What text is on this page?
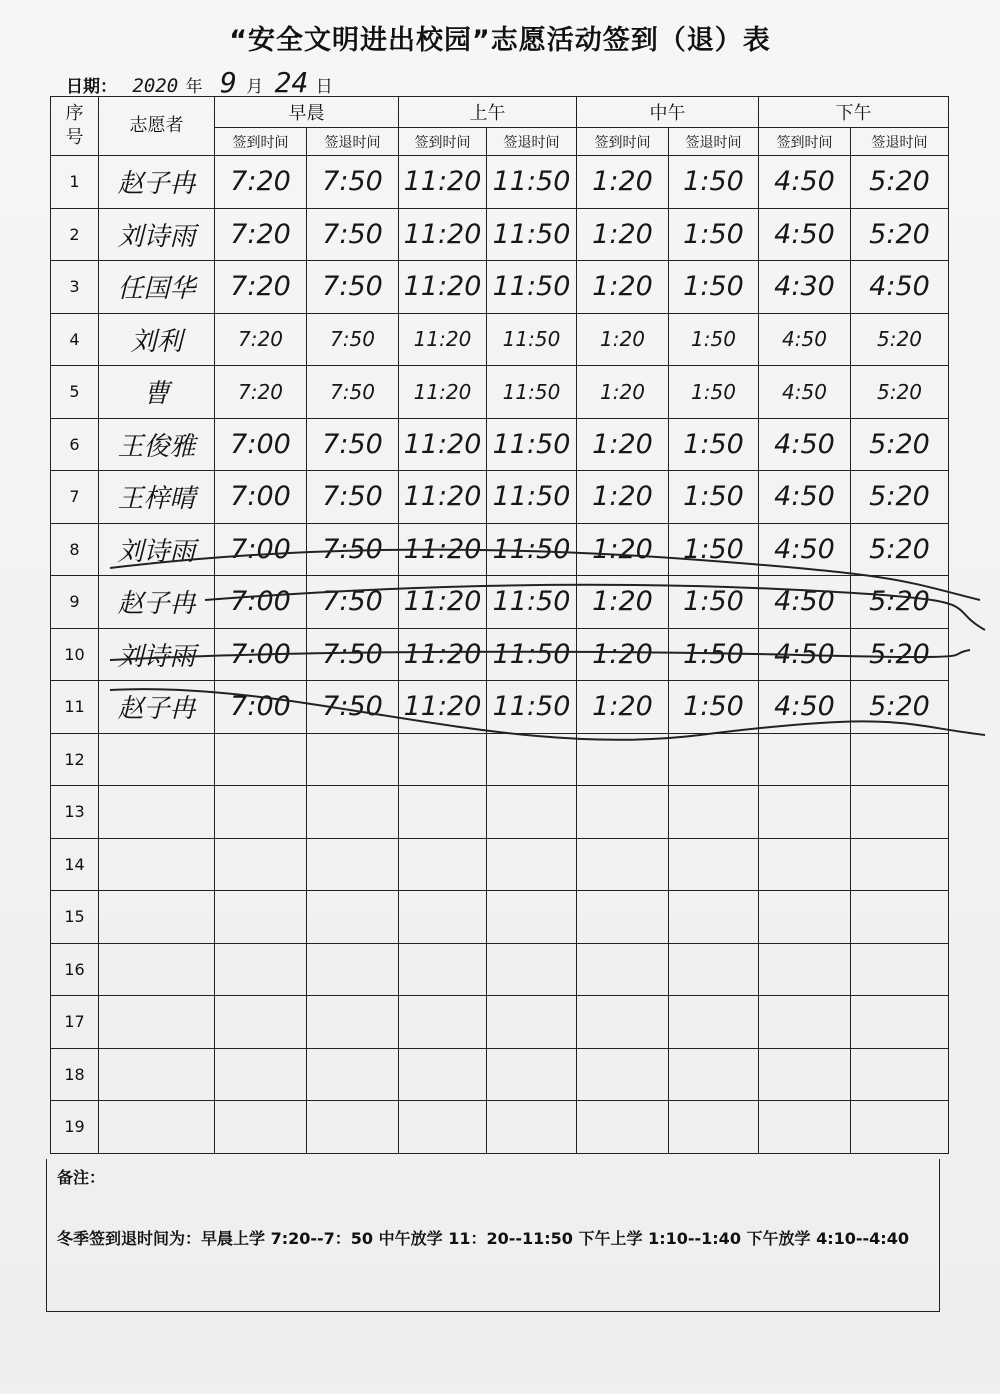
“安全文明进出校园”志愿活动签到（退）表
日期： 2020 年 9 月 24 日
序号	志愿者	早晨		上午		中午		下午	
		签到时间	签退时间	签到时间	签退时间	签到时间	签退时间	签到时间	签退时间
1	赵子冉	7:20	7:50	11:20	11:50	1:20	1:50	4:50	5:20
2	刘诗雨	7:20	7:50	11:20	11:50	1:20	1:50	4:50	5:20
3	任国华	7:20	7:50	11:20	11:50	1:20	1:50	4:30	4:50
4	刘利	7:20	7:50	11:20	11:50	1:20	1:50	4:50	5:20
5	曹	7:20	7:50	11:20	11:50	1:20	1:50	4:50	5:20
6	王俊雅	7:00	7:50	11:20	11:50	1:20	1:50	4:50	5:20
7	王梓晴	7:00	7:50	11:20	11:50	1:20	1:50	4:50	5:20
8	刘诗雨	7:00	7:50	11:20	11:50	1:20	1:50	4:50	5:20
9	赵子冉	7:00	7:50	11:20	11:50	1:20	1:50	4:50	5:20
10	刘诗雨	7:00	7:50	11:20	11:50	1:20	1:50	4:50	5:20
11	赵子冉	7:00	7:50	11:20	11:50	1:20	1:50	4:50	5:20
12									
13									
14									
15									
16									
17									
18									
19									
备注：
冬季签到退时间为：早晨上学 7:20--7：50 中午放学 11：20--11:50 下午上学 1:10--1:40 下午放学 4:10--4:40
